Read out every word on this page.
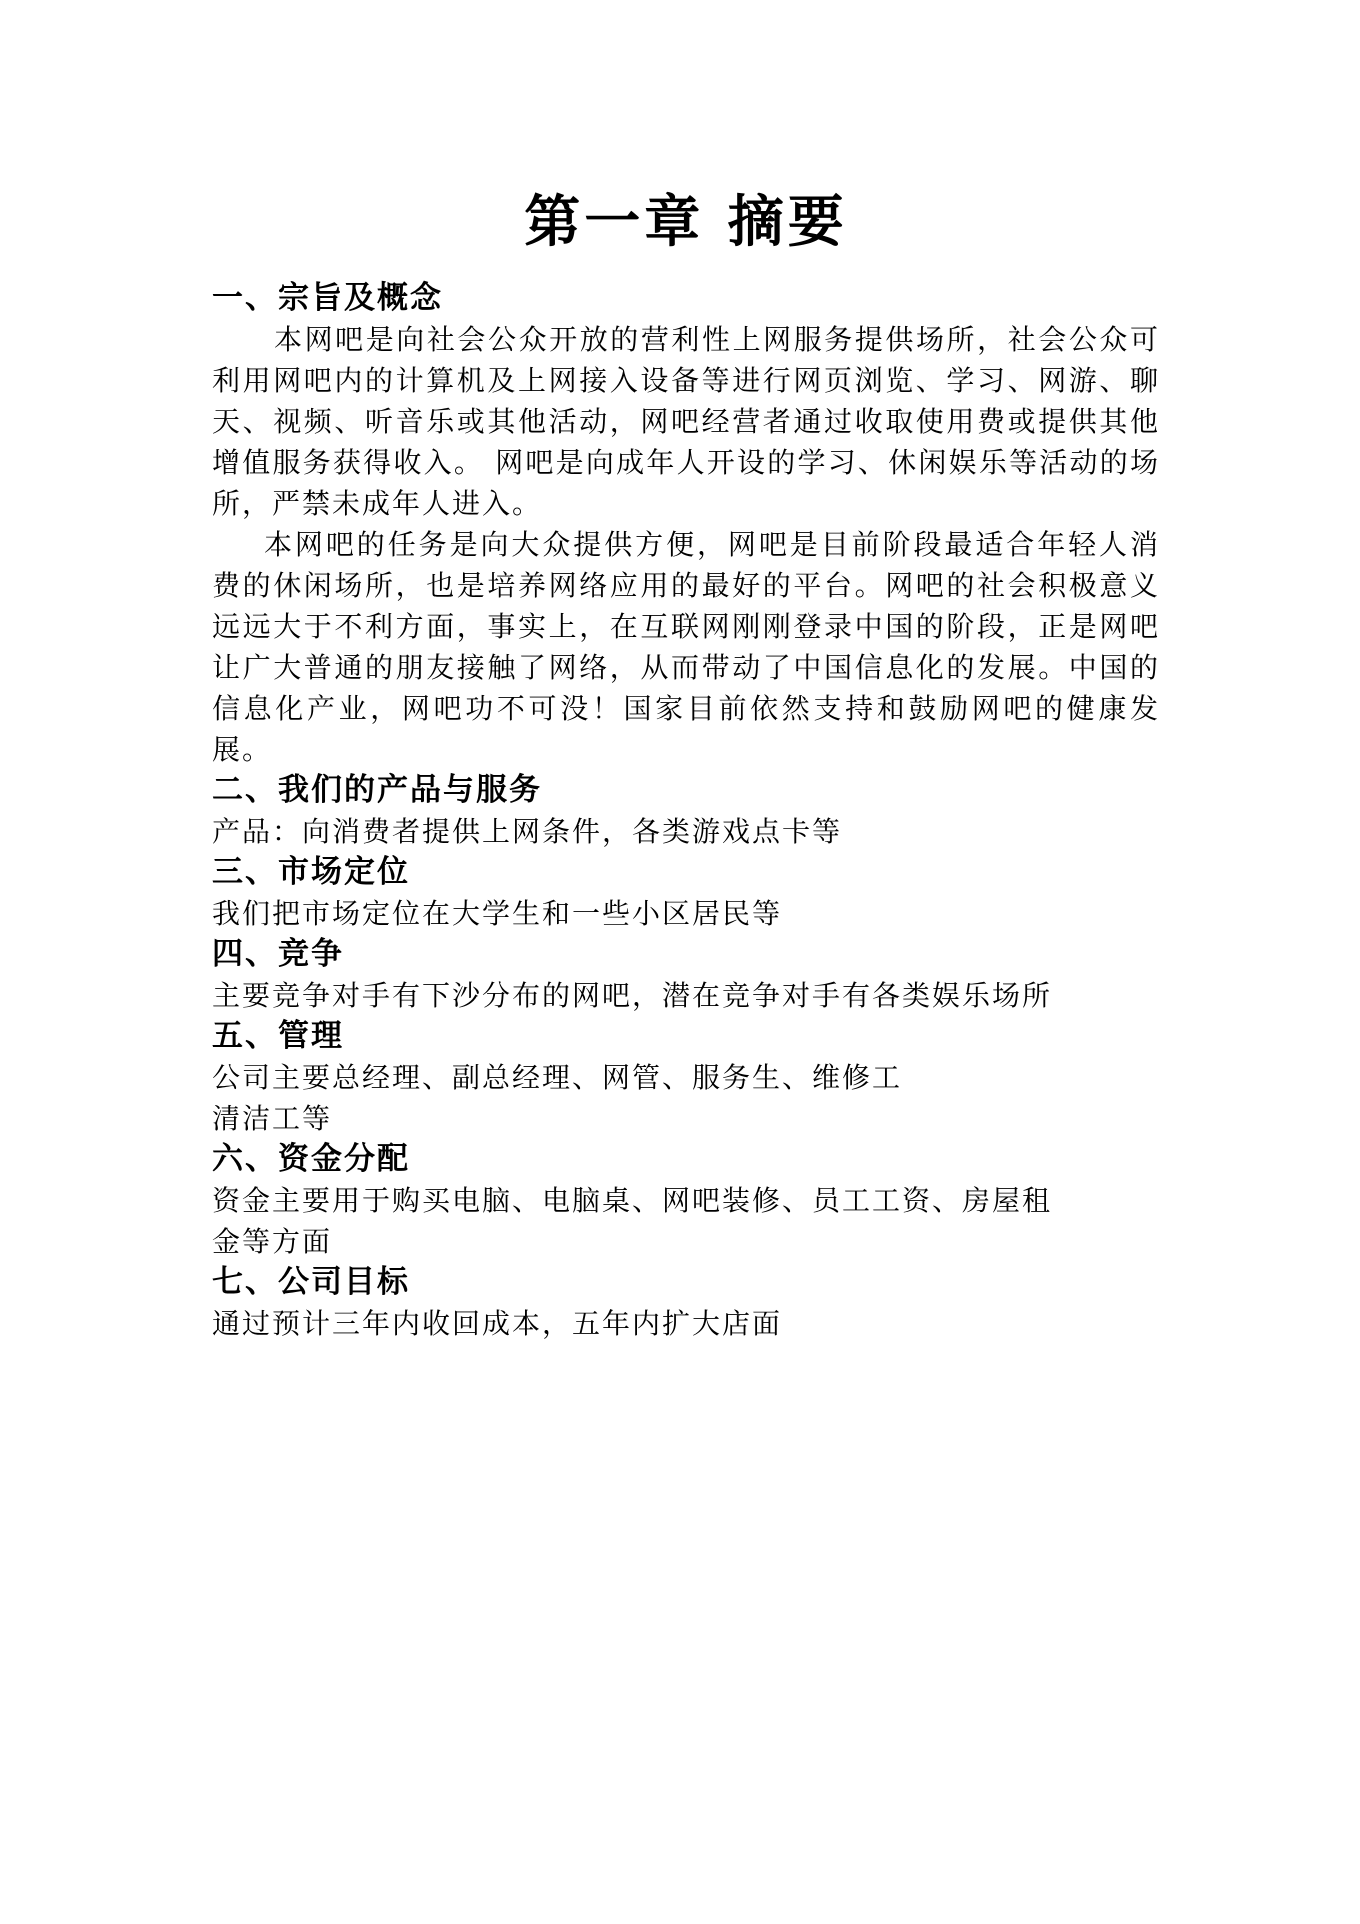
第一章 摘要
一、宗旨及概念

本网吧是向社会公众开放的营利性上网服务提供场所，社会公众可利用网吧内的计算机及上网接入设备等进行网页浏览、学习、网游、聊天、视频、听音乐或其他活动，网吧经营者通过收取使用费或提供其他增值服务获得收入。 网吧是向成年人开设的学习、休闲娱乐等活动的场所，严禁未成年人进入。

本网吧的任务是向大众提供方便，网吧是目前阶段最适合年轻人消费的休闲场所，也是培养网络应用的最好的平台。网吧的社会积极意义远远大于不利方面，事实上，在互联网刚刚登录中国的阶段，正是网吧让广大普通的朋友接触了网络，从而带动了中国信息化的发展。中国的信息化产业，网吧功不可没！国家目前依然支持和鼓励网吧的健康发展。

二、我们的产品与服务

产品：向消费者提供上网条件，各类游戏点卡等

三、市场定位

我们把市场定位在大学生和一些小区居民等

四、竞争

主要竞争对手有下沙分布的网吧，潜在竞争对手有各类娱乐场所

五、管理

公司主要总经理、副总经理、网管、服务生、维修工

清洁工等

六、资金分配

资金主要用于购买电脑、电脑桌、网吧装修、员工工资、房屋租

金等方面

七、公司目标

通过预计三年内收回成本，五年内扩大店面
